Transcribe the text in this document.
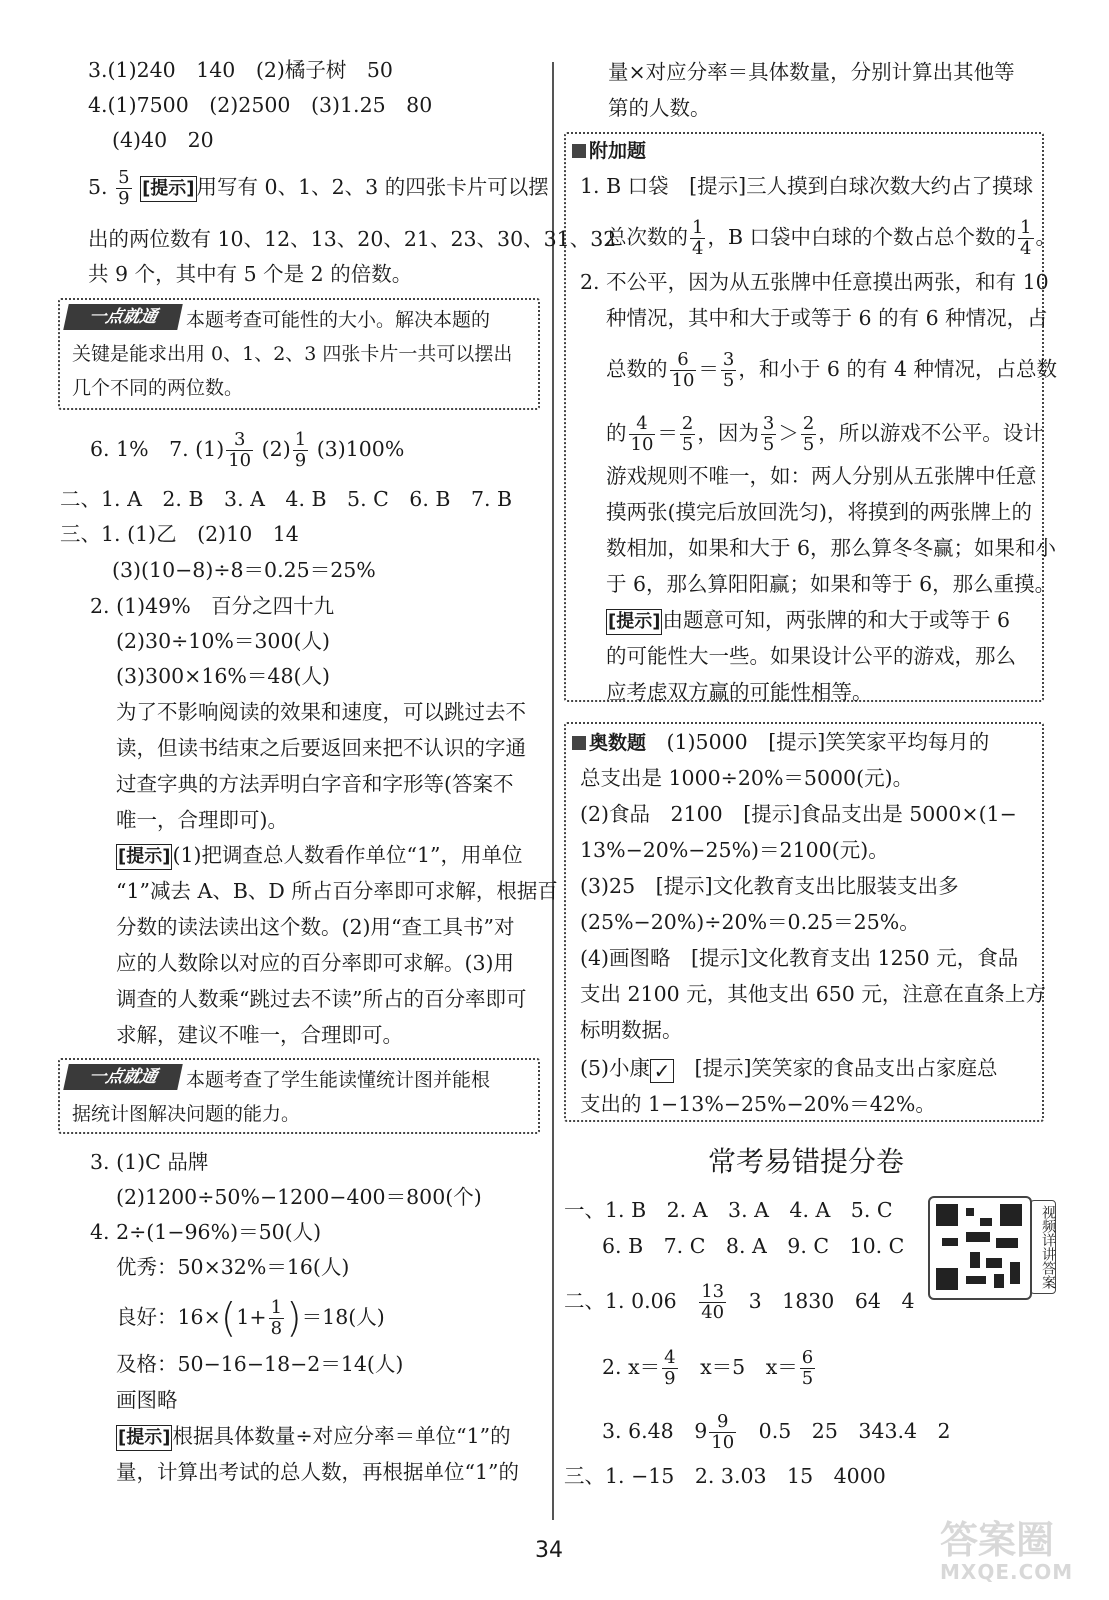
3.(1)240　140　(2)橘子树　50
4.(1)7500　(2)2500　(3)1.25　80
(4)40　20
5. $\frac{5}{9}$ [提示]用写有 0、1、2、3 的四张卡片可以摆
出的两位数有 10、12、13、20、21、23、30、31、32
共 9 个，其中有 5 个是 2 的倍数。
一点就通	本题考查可能性的大小。解决本题的
关键是能求出用 0、1、2、3 四张卡片一共可以摆出
几个不同的两位数。
6. 1%　7. $(1) \frac{3}{10} (2) \frac{1}{9} (3)100\%$
二、1. A　2. B　3. A　4. B　5. C　6. B　7. B
三、1. (1)乙　(2)10　14
(3)(10−8)÷8＝0.25＝25%
2. (1)49%　百分之四十九
(2)30÷10%＝300(人)
(3)300×16%＝48(人)
为了不影响阅读的效果和速度，可以跳过去不
读，但读书结束之后要返回来把不认识的字通
过查字典的方法弄明白字音和字形等(答案不
唯一，合理即可)。
[提示](1)把调查总人数看作单位“1”，用单位
“1”减去 A、B、D 所占百分率即可求解，根据百
分数的读法读出这个数。(2)用“查工具书”对
应的人数除以对应的百分率即可求解。(3)用
调查的人数乘“跳过去不读”所占的百分率即可
求解，建议不唯一，合理即可。
一点就通	本题考查了学生能读懂统计图并能根
据统计图解决问题的能力。
3. (1)C 品牌
(2)1200÷50%−1200−400＝800(个)
4. 2÷(1−96%)＝50(人)
优秀：50×32%＝16(人)
良好：$16\times(1+ \frac{1}{8} )=18$(人)
及格：50−16−18−2＝14(人)
画图略
[提示]根据具体数量÷对应分率＝单位“1”的
量，计算出考试的总人数，再根据单位“1”的
量×对应分率＝具体数量，分别计算出其他等
第的人数。
附加题
1. B 口袋　[提示]三人摸到白球次数大约占了摸球
总次数的 $\frac{1}{4}$ ，B 口袋中白球的个数占总个数的 $\frac{1}{4}$ 。
2. 不公平，因为从五张牌中任意摸出两张，和有 10
种情况，其中和大于或等于 6 的有 6 种情况，占
总数的 $\frac{6}{10} = \frac{3}{5}$ ，和小于 6 的有 4 种情况，占总数
的 $\frac{4}{10} = \frac{2}{5}$ ，因为 $\frac{3}{5} > \frac{2}{5}$ ，所以游戏不公平。设计
游戏规则不唯一，如：两人分别从五张牌中任意
摸两张(摸完后放回洗匀)，将摸到的两张牌上的
数相加，如果和大于 6，那么算冬冬赢；如果和小
于 6，那么算阳阳赢；如果和等于 6，那么重摸。
[提示]由题意可知，两张牌的和大于或等于 6
的可能性大一些。如果设计公平的游戏，那么
应考虑双方赢的可能性相等。
奥数题　 (1)5000　[提示]笑笑家平均每月的
总支出是 1000÷20%＝5000(元)。
(2)食品　2100　[提示]食品支出是 5000×(1−
13%−20%−25%)＝2100(元)。
(3)25　[提示]文化教育支出比服装支出多
(25%−20%)÷20%＝0.25＝25%。
(4)画图略　[提示]文化教育支出 1250 元，食品
支出 2100 元，其他支出 650 元，注意在直条上方
标明数据。
(5)小康 ✓　 [提示]笑笑家的食品支出占家庭总
支出的 1−13%−25%−20%＝42%。
常考易错提分卷
一、1. B　2. A　3. A　4. A　5. C
6. B　7. C　8. A　9. C　10. C
二、1. 0.06　 $\frac{13}{40}$
　 3　1830　64　4
2. $x= \frac{4}{9}$
　 x＝5　$x= \frac{6}{5}$
3. 6.48　$9 \frac{9}{10}$
　 0.5　25　343.4　2
三、1. −15　2. 3.03　15　4000
视频详讲答案
34	答案圈
MXQE.COM
